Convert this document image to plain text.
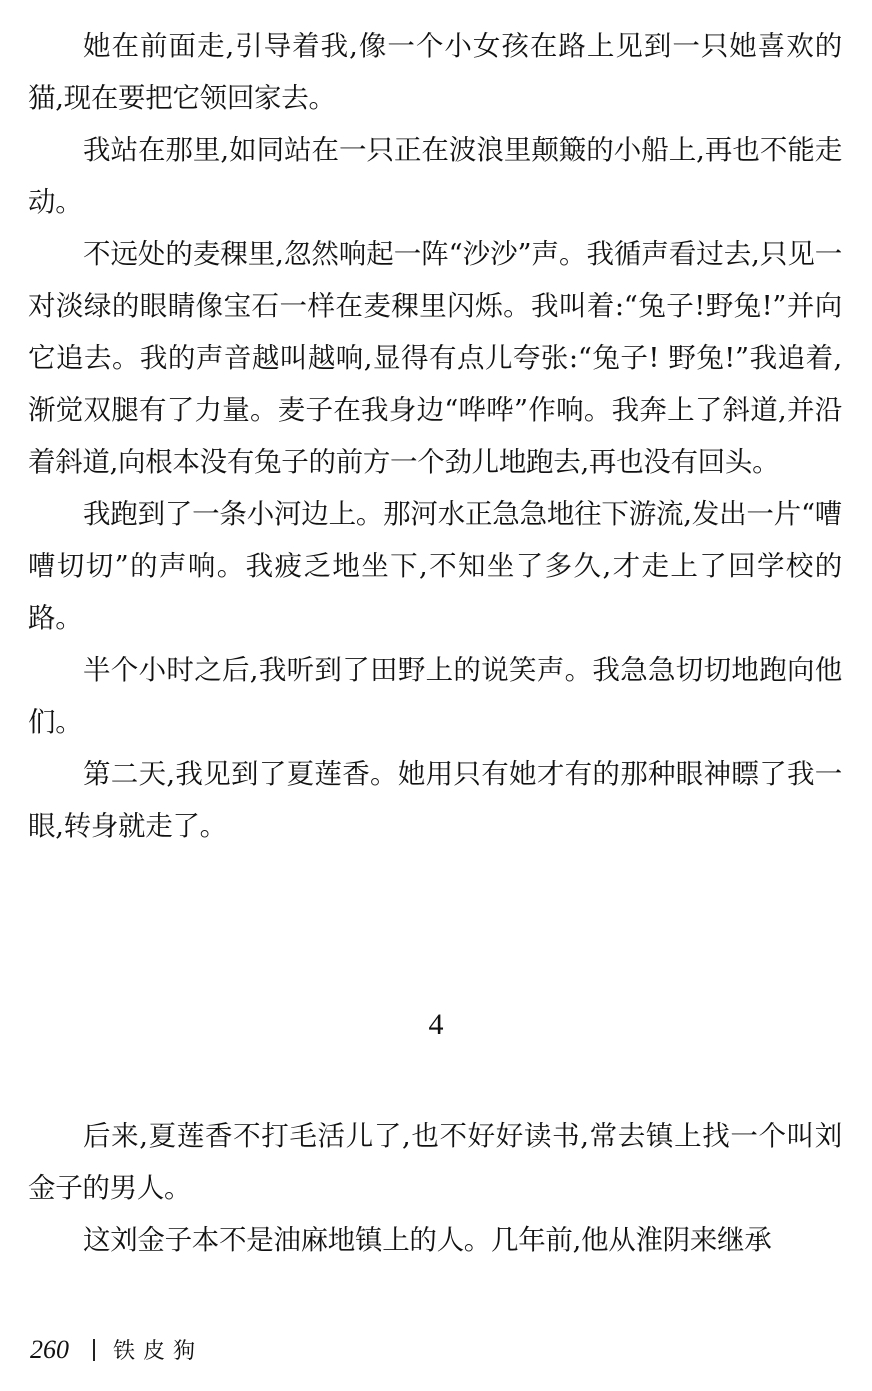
她在前面走,引导着我,像一个小女孩在路上见到一只她喜欢的猫,现在要把它领回家去。

我站在那里,如同站在一只正在波浪里颠簸的小船上,再也不能走动。

不远处的麦稞里,忽然响起一阵“沙沙”声。我循声看过去,只见一对淡绿的眼睛像宝石一样在麦稞里闪烁。我叫着:“兔子!野兔!”并向它追去。我的声音越叫越响,显得有点儿夸张:“兔子! 野兔!”我追着,渐觉双腿有了力量。麦子在我身边“哗哗”作响。我奔上了斜道,并沿着斜道,向根本没有兔子的前方一个劲儿地跑去,再也没有回头。

我跑到了一条小河边上。那河水正急急地往下游流,发出一片“嘈嘈切切”的声响。我疲乏地坐下,不知坐了多久,才走上了回学校的路。

半个小时之后,我听到了田野上的说笑声。我急急切切地跑向他们。

第二天,我见到了夏莲香。她用只有她才有的那种眼神瞟了我一眼,转身就走了。

4

后来,夏莲香不打毛活儿了,也不好好读书,常去镇上找一个叫刘金子的男人。

这刘金子本不是油麻地镇上的人。几年前,他从淮阴来继承

260 铁皮狗
